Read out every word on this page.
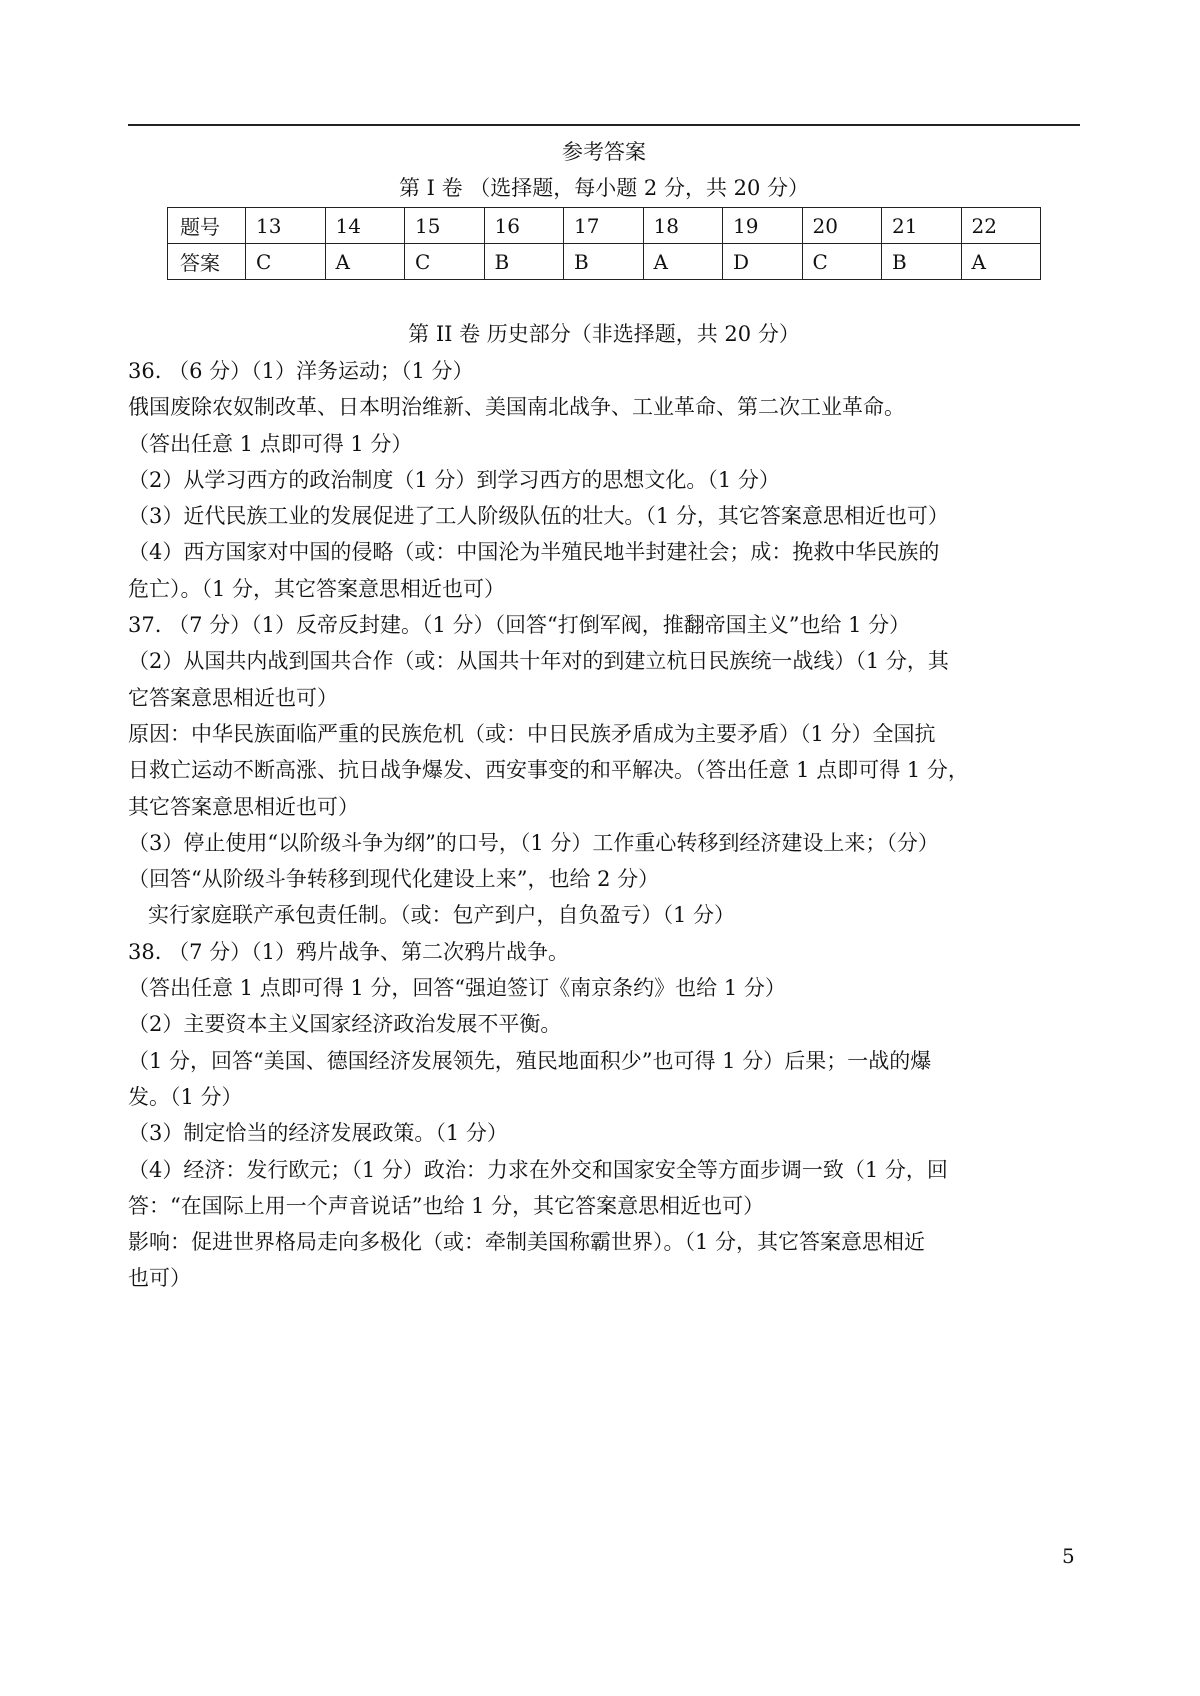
参考答案
第 I 卷 （选择题，每小题 2 分，共 20 分）
题号	13	14	15	16	17	18	19	20	21	22
答案	C	A	C	B	B	A	D	C	B	A
第 II 卷 历史部分（非选择题，共 20 分）
36. （6 分）（1）洋务运动；（1 分）
俄国废除农奴制改革、日本明治维新、美国南北战争、工业革命、第二次工业革命。
（答出任意 1 点即可得 1 分）
（2）从学习西方的政治制度（1 分）到学习西方的思想文化。（1 分）
（3）近代民族工业的发展促进了工人阶级队伍的壮大。（1 分，其它答案意思相近也可）
（4）西方国家对中国的侵略（或：中国沦为半殖民地半封建社会；成：挽救中华民族的
危亡）。（1 分，其它答案意思相近也可）
37. （7 分）（1）反帝反封建。（1 分）（回答“打倒军阀，推翻帝国主义”也给 1 分）
（2）从国共内战到国共合作（或：从国共十年对的到建立杭日民族统一战线）（1 分，其
它答案意思相近也可）
原因：中华民族面临严重的民族危机（或：中日民族矛盾成为主要矛盾）（1 分）全国抗
日救亡运动不断高涨、抗日战争爆发、西安事变的和平解决。（答出任意 1 点即可得 1 分，
其它答案意思相近也可）
（3）停止使用“以阶级斗争为纲”的口号，（1 分）工作重心转移到经济建设上来；（分）
（回答“从阶级斗争转移到现代化建设上来”，也给 2 分）
实行家庭联产承包责任制。（或：包产到户，自负盈亏）（1 分）
38. （7 分）（1）鸦片战争、第二次鸦片战争。
（答出任意 1 点即可得 1 分，回答“强迫签订《南京条约》也给 1 分）
（2）主要资本主义国家经济政治发展不平衡。
（1 分，回答“美国、德国经济发展领先，殖民地面积少”也可得 1 分）后果；一战的爆
发。（1 分）
（3）制定恰当的经济发展政策。（1 分）
（4）经济：发行欧元；（1 分）政治：力求在外交和国家安全等方面步调一致（1 分，回
答：“在国际上用一个声音说话”也给 1 分，其它答案意思相近也可）
影响：促进世界格局走向多极化（或：牵制美国称霸世界）。（1 分，其它答案意思相近
也可）
5
